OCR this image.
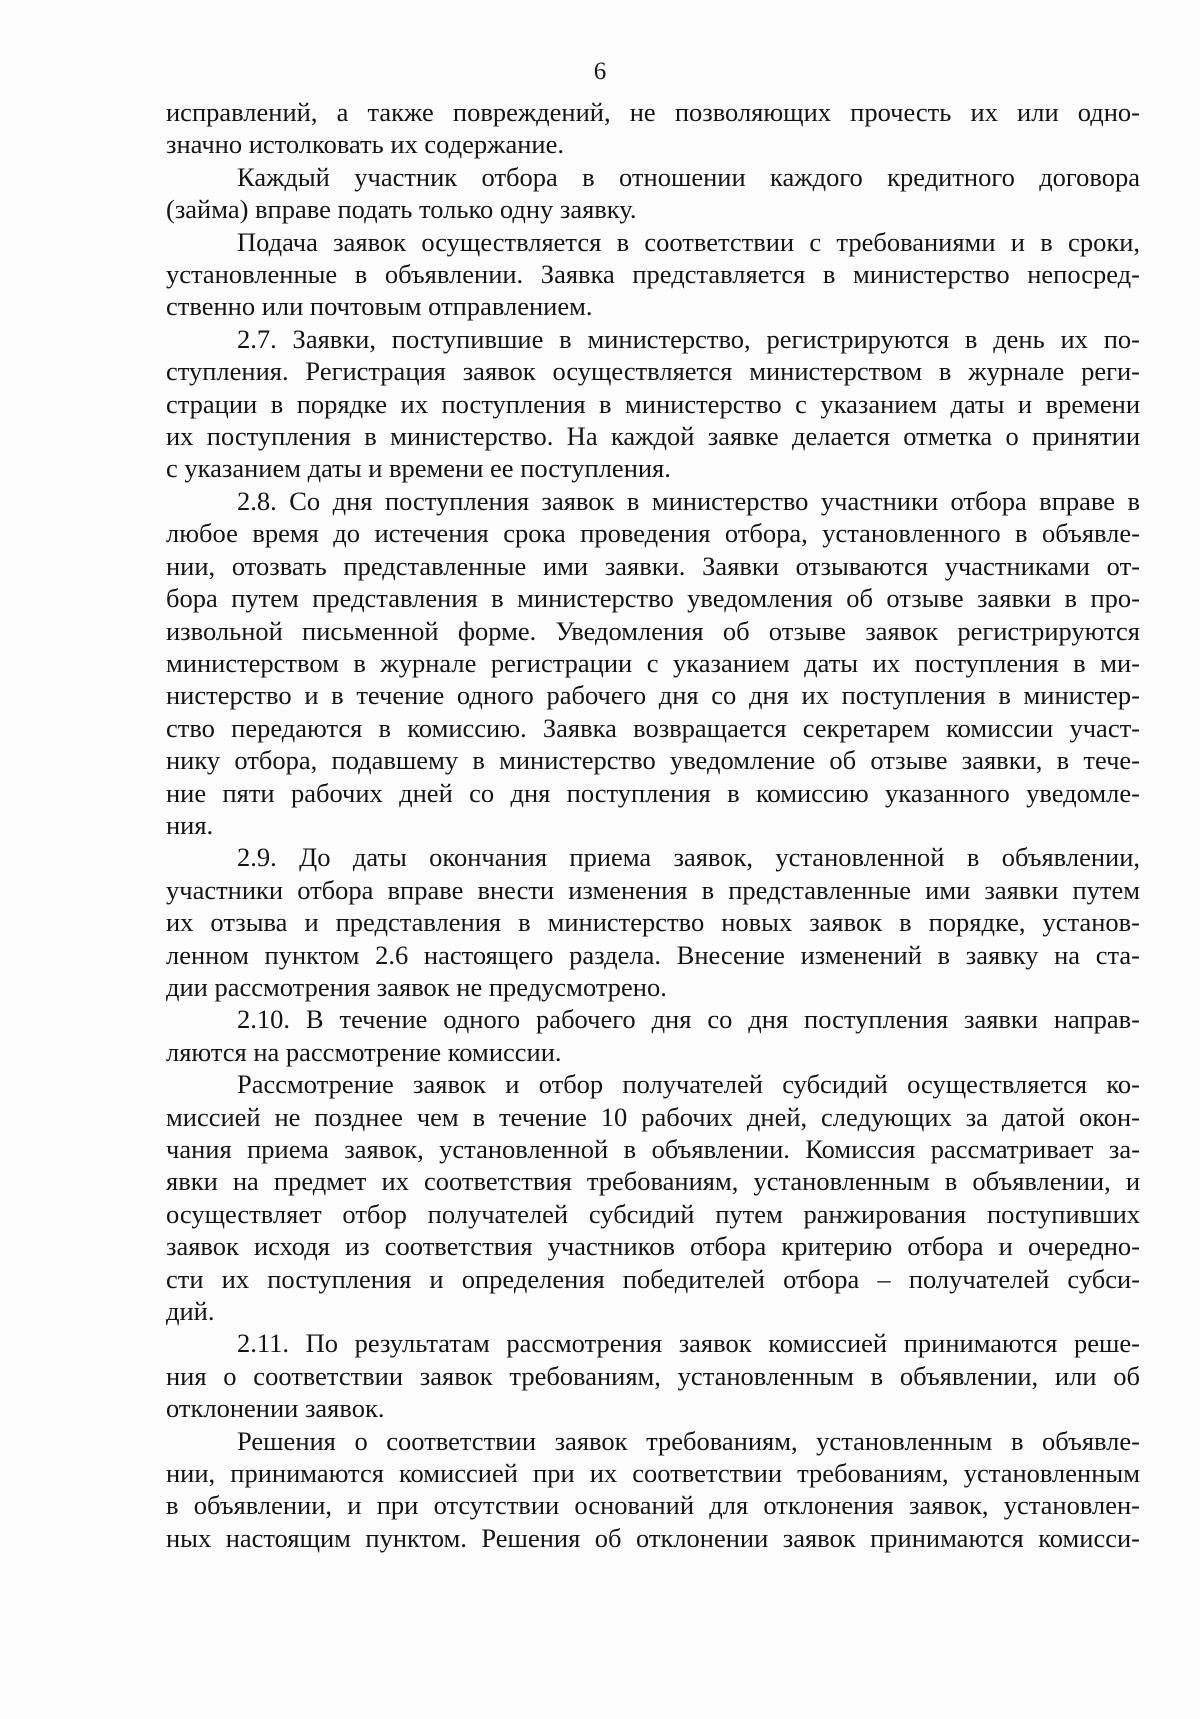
6
исправлений, а также повреждений, не позволяющих прочесть их или одно-
значно истолковать их содержание.
Каждый участник отбора в отношении каждого кредитного договора
(займа) вправе подать только одну заявку.
Подача заявок осуществляется в соответствии с требованиями и в сроки,
установленные в объявлении. Заявка представляется в министерство непосред-
ственно или почтовым отправлением.
2.7. Заявки, поступившие в министерство, регистрируются в день их по-
ступления. Регистрация заявок осуществляется министерством в журнале реги-
страции в порядке их поступления в министерство с указанием даты и времени
их поступления в министерство. На каждой заявке делается отметка о принятии
с указанием даты и времени ее поступления.
2.8. Со дня поступления заявок в министерство участники отбора вправе в
любое время до истечения срока проведения отбора, установленного в объявле-
нии, отозвать представленные ими заявки. Заявки отзываются участниками от-
бора путем представления в министерство уведомления об отзыве заявки в про-
извольной письменной форме. Уведомления об отзыве заявок регистрируются
министерством в журнале регистрации с указанием даты их поступления в ми-
нистерство и в течение одного рабочего дня со дня их поступления в министер-
ство передаются в комиссию. Заявка возвращается секретарем комиссии участ-
нику отбора, подавшему в министерство уведомление об отзыве заявки, в тече-
ние пяти рабочих дней со дня поступления в комиссию указанного уведомле-
ния.
2.9. До даты окончания приема заявок, установленной в объявлении,
участники отбора вправе внести изменения в представленные ими заявки путем
их отзыва и представления в министерство новых заявок в порядке, установ-
ленном пунктом 2.6 настоящего раздела. Внесение изменений в заявку на ста-
дии рассмотрения заявок не предусмотрено.
2.10. В течение одного рабочего дня со дня поступления заявки направ-
ляются на рассмотрение комиссии.
Рассмотрение заявок и отбор получателей субсидий осуществляется ко-
миссией не позднее чем в течение 10 рабочих дней, следующих за датой окон-
чания приема заявок, установленной в объявлении. Комиссия рассматривает за-
явки на предмет их соответствия требованиям, установленным в объявлении, и
осуществляет отбор получателей субсидий путем ранжирования поступивших
заявок исходя из соответствия участников отбора критерию отбора и очередно-
сти их поступления и определения победителей отбора – получателей субси-
дий.
2.11. По результатам рассмотрения заявок комиссией принимаются реше-
ния о соответствии заявок требованиям, установленным в объявлении, или об
отклонении заявок.
Решения о соответствии заявок требованиям, установленным в объявле-
нии, принимаются комиссией при их соответствии требованиям, установленным
в объявлении, и при отсутствии оснований для отклонения заявок, установлен-
ных настоящим пунктом. Решения об отклонении заявок принимаются комисси-
